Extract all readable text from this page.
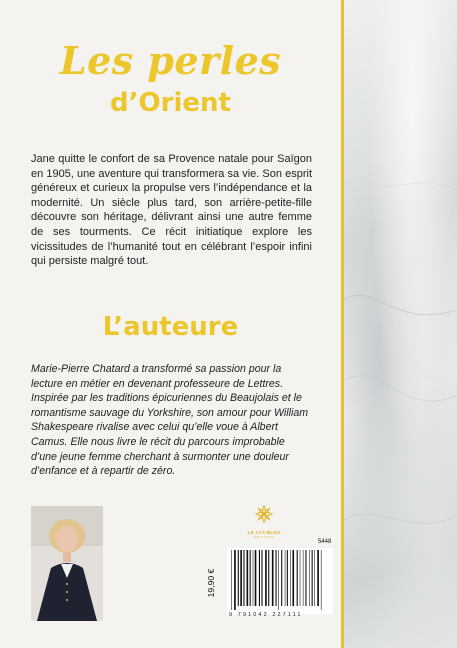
Les perles
d’Orient
Jane quitte le confort de sa Provence natale pour Saïgon en 1905, une aventure qui transformera sa vie. Son esprit généreux et curieux la propulse vers l’indépendance et la modernité. Un siècle plus tard, son arrière-petite-fille découvre son héritage, délivrant ainsi une autre femme de ses tourments. Ce récit initiatique explore les vicissitudes de l’humanité tout en célébrant l’espoir infini qui persiste malgré tout.
L’auteure
Marie-Pierre Chatard a transformé sa passion pour la lecture en métier en devenant professeure de Lettres. Inspirée par les traditions épicuriennes du Beaujolais et le romantisme sauvage du Yorkshire, son amour pour William Shakespeare rivalise avec celui qu’elle voue à Albert Camus. Elle nous livre le récit du parcours improbable d’une jeune femme cherchant à surmonter une douleur d’enfance et à repartir de zéro.
LE LYS BLEU
ÉDITIONS
5448
19,90 €
9 791042 227111
